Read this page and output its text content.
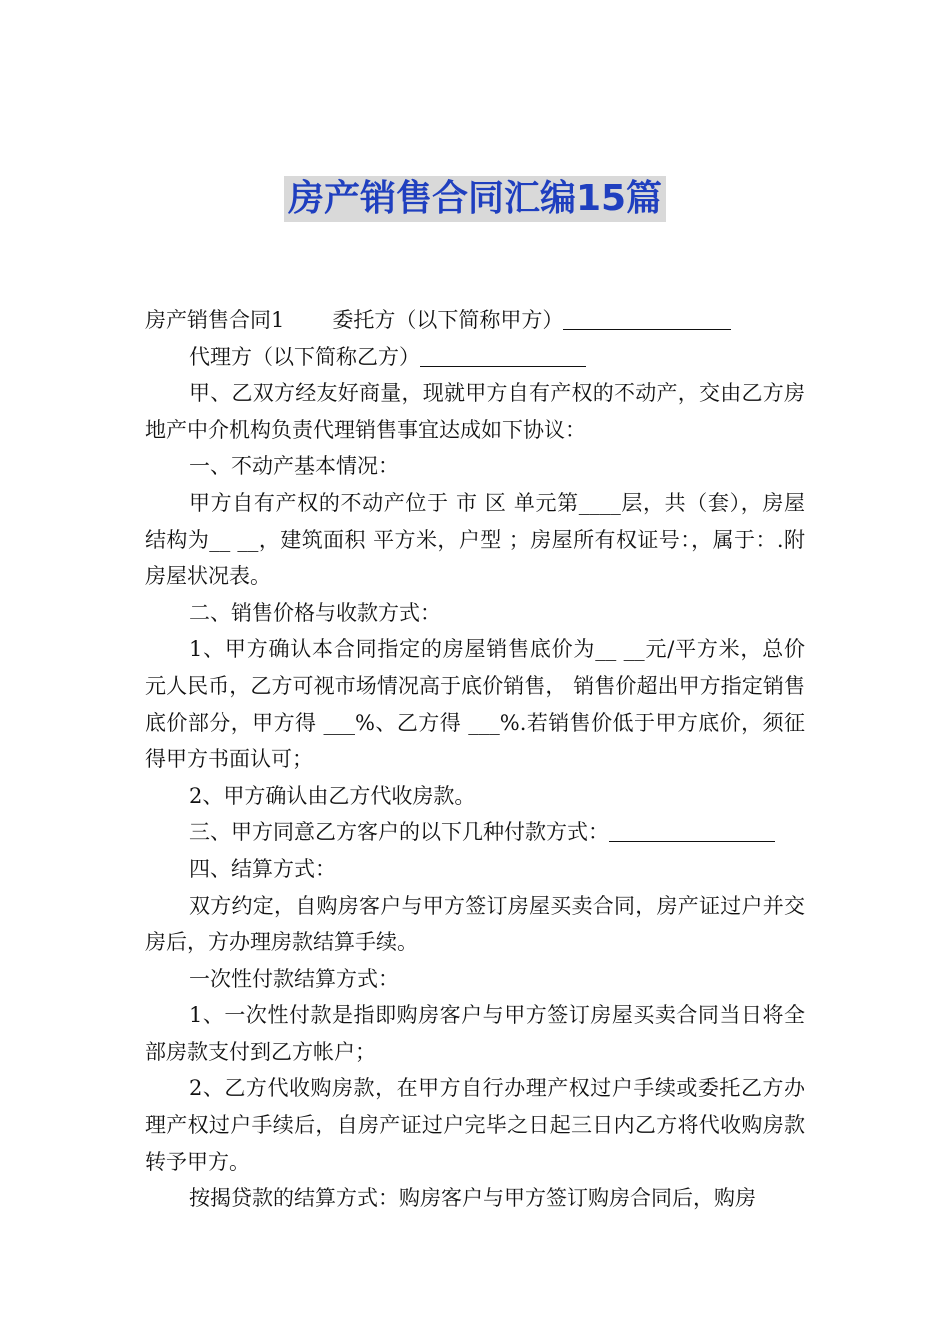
房产销售合同汇编15篇

房产销售合同1 委托方（以下简称甲方）

代理方（以下简称乙方）

甲、乙双方经友好商量，现就甲方自有产权的不动产，交由乙方房地产中介机构负责代理销售事宜达成如下协议：

一、不动产基本情况：

甲方自有产权的不动产位于 市 区 单元第____层，共（套），房屋结构为__ __，建筑面积 平方米，户型 ；房屋所有权证号：，属于：.附房屋状况表。

二、销售价格与收款方式：

1、甲方确认本合同指定的房屋销售底价为__ __元/平方米，总价 元人民币，乙方可视市场情况高于底价销售， 销售价超出甲方指定销售底价部分，甲方得 ___%、乙方得 ___%.若销售价低于甲方底价，须征得甲方书面认可；

2、甲方确认由乙方代收房款。

三、甲方同意乙方客户的以下几种付款方式：

四、结算方式：

双方约定，自购房客户与甲方签订房屋买卖合同，房产证过户并交房后，方办理房款结算手续。

一次性付款结算方式：

1、一次性付款是指即购房客户与甲方签订房屋买卖合同当日将全部房款支付到乙方帐户；

2、乙方代收购房款，在甲方自行办理产权过户手续或委托乙方办理产权过户手续后，自房产证过户完毕之日起三日内乙方将代收购房款转予甲方。

按揭贷款的结算方式：购房客户与甲方签订购房合同后，购房
